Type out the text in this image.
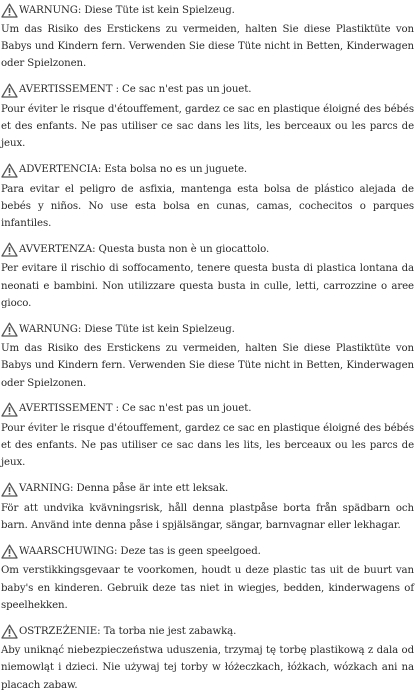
WARNUNG: Diese Tüte ist kein Spielzeug.

Um das Risiko des Erstickens zu vermeiden, halten Sie diese Plastiktüte von Babys und Kindern fern. Verwenden Sie diese Tüte nicht in Betten, Kinderwagen oder Spielzonen.

AVERTISSEMENT : Ce sac n'est pas un jouet.

Pour éviter le risque d'étouffement, gardez ce sac en plastique éloigné des bébés et des enfants. Ne pas utiliser ce sac dans les lits, les berceaux ou les parcs de jeux.

ADVERTENCIA: Esta bolsa no es un juguete.

Para evitar el peligro de asfixia, mantenga esta bolsa de plástico alejada de bebés y niños. No use esta bolsa en cunas, camas, cochecitos o parques infantiles.

AVVERTENZA: Questa busta non è un giocattolo.

Per evitare il rischio di soffocamento, tenere questa busta di plastica lontana da neonati e bambini. Non utilizzare questa busta in culle, letti, carrozzine o aree gioco.

WARNUNG: Diese Tüte ist kein Spielzeug.

Um das Risiko des Erstickens zu vermeiden, halten Sie diese Plastiktüte von Babys und Kindern fern. Verwenden Sie diese Tüte nicht in Betten, Kinderwagen oder Spielzonen.

AVERTISSEMENT : Ce sac n'est pas un jouet.

Pour éviter le risque d'étouffement, gardez ce sac en plastique éloigné des bébés et des enfants. Ne pas utiliser ce sac dans les lits, les berceaux ou les parcs de jeux.

VARNING: Denna påse är inte ett leksak.

För att undvika kvävningsrisk, håll denna plastpåse borta från spädbarn och barn. Använd inte denna påse i spjälsängar, sängar, barnvagnar eller lekhagar.

WAARSCHUWING: Deze tas is geen speelgoed.

Om verstikkingsgevaar te voorkomen, houdt u deze plastic tas uit de buurt van baby's en kinderen. Gebruik deze tas niet in wiegjes, bedden, kinderwagens of speelhekken.

OSTRZEŻENIE: Ta torba nie jest zabawką.

Aby uniknąć niebezpieczeństwa uduszenia, trzymaj tę torbę plastikową z dala od niemowląt i dzieci. Nie używaj tej torby w łóżeczkach, łóżkach, wózkach ani na placach zabaw.
